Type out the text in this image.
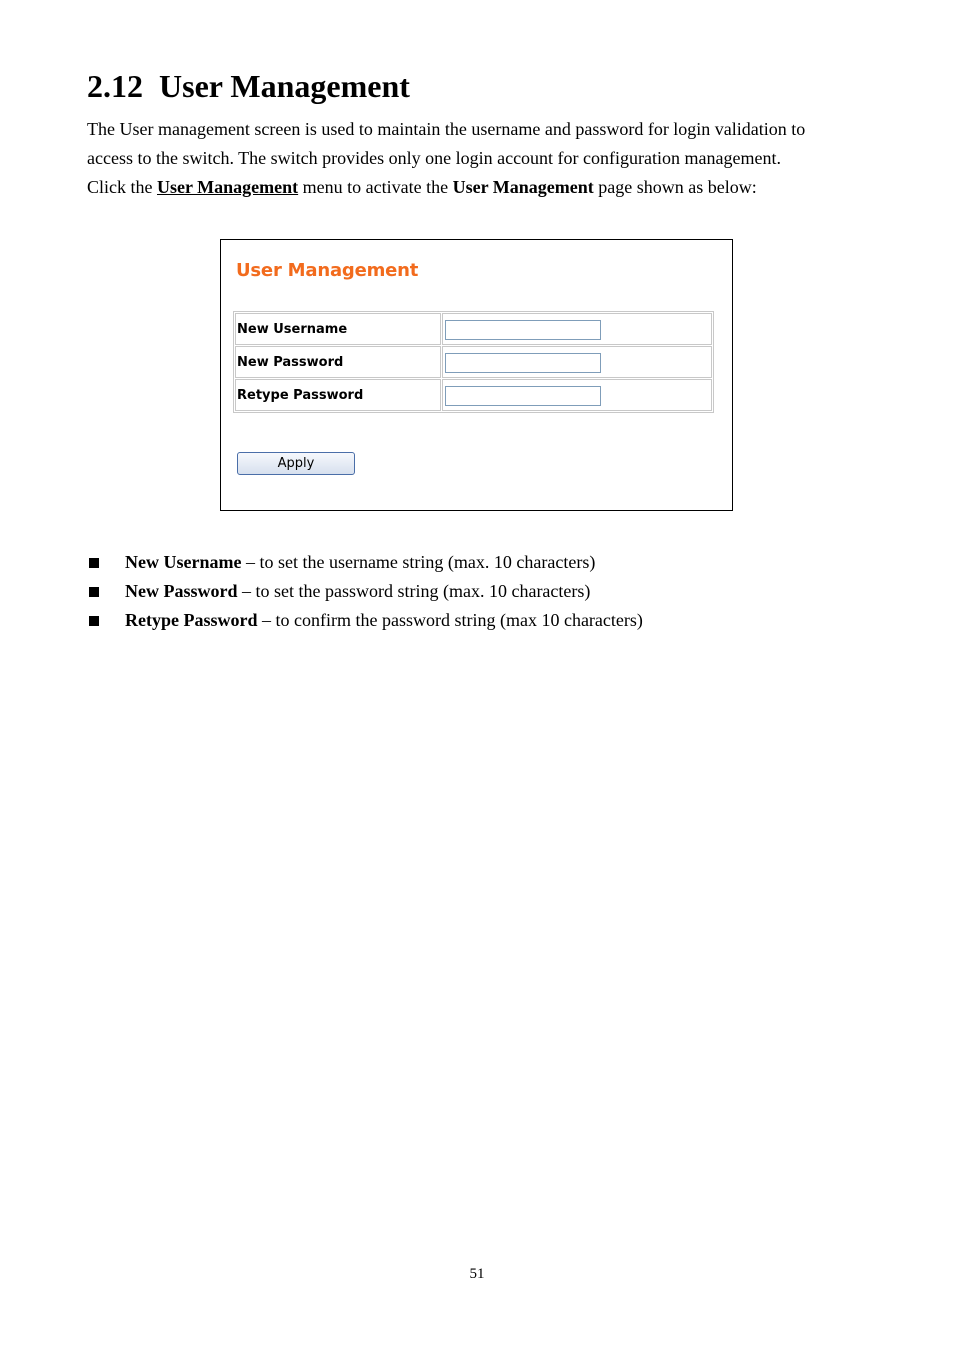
2.12 User Management

The User management screen is used to maintain the username and password for login validation to
access to the switch. The switch provides only one login account for configuration management.
Click the User Management menu to activate the User Management page shown as below:

User Management
New Username	
New Password	
Retype Password	
Apply
New Username – to set the username string (max. 10 characters)
New Password – to set the password string (max. 10 characters)
Retype Password – to confirm the password string (max 10 characters)
51
